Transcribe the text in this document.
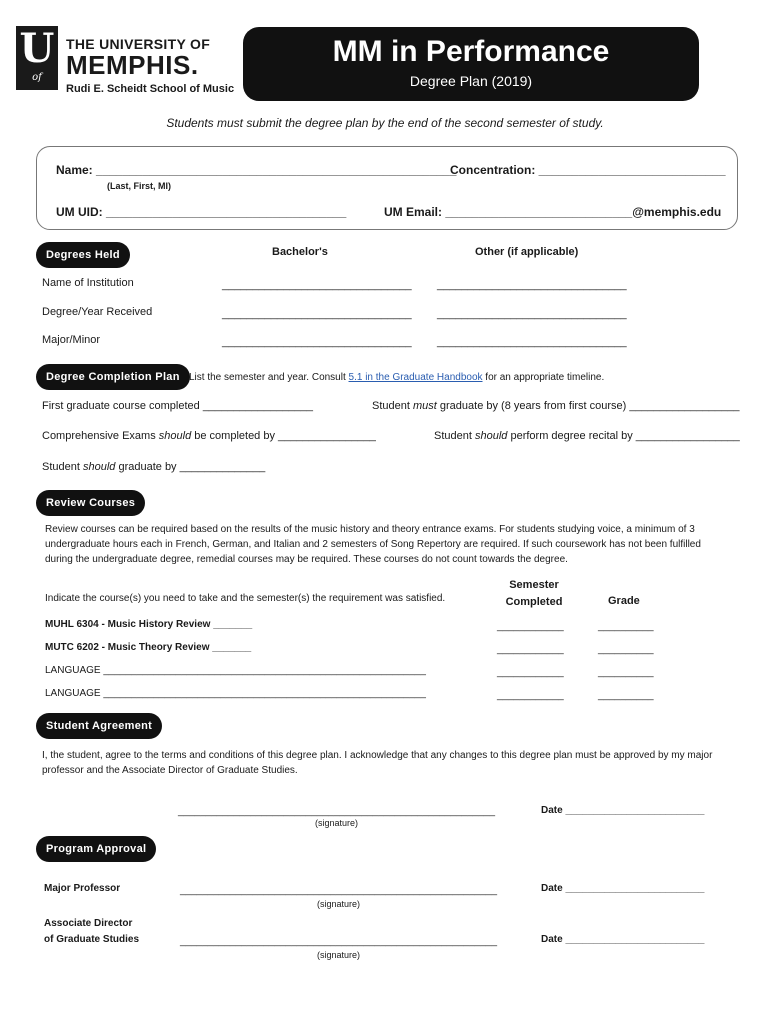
U
of
THE UNIVERSITY OF
MEMPHIS.
Rudi E. Scheidt School of Music
MM in Performance
Degree Plan (2019)
Students must submit the degree plan by the end of the second semester of study.
Name: ______________________________________________________
(Last, First, MI)
Concentration: ____________________________
UM UID: ____________________________________	UM Email: ____________________________@memphis.edu
Degrees Held	Bachelor's	Other (if applicable)
Name of Institution	_______________________________ _______________________________
Degree/Year Received	_______________________________ _______________________________
Major/Minor	_______________________________ _______________________________
Degree Completion Plan List the semester and year. Consult 5.1 in the Graduate Handbook for an appropriate timeline.
First graduate course completed __________________	Student must graduate by (8 years from first course) __________________
Comprehensive Exams should be completed by ________________	Student should perform degree recital by _________________
Student should graduate by ______________
Review Courses
Review courses can be required based on the results of the music history and theory entrance exams. For students studying voice, a minimum of 3 undergraduate hours each in French, German, and Italian and 2 semesters of Song Repertory are required. If such coursework has not been fulfilled during the undergraduate degree, remedial courses may be required. These courses do not count towards the degree.
Indicate the course(s) you need to take and the semester(s) the requirement was satisfied.
Semester
Completed	Grade
MUHL 6304 - Music History Review _______	____________	__________
MUTC 6202 - Music Theory Review _______	____________	__________
LANGUAGE __________________________________________________________	____________	__________
LANGUAGE __________________________________________________________	____________	__________
Student Agreement
I, the student, agree to the terms and conditions of this degree plan. I acknowledge that any changes to this degree plan must be approved by my major professor and the Associate Director of Graduate Studies.
_________________________________________________________
(signature)
Date _________________________
Program Approval
Major Professor	_________________________________________________________
(signature)
Date _________________________
Associate Director
of Graduate Studies	_________________________________________________________
(signature)
Date _________________________
